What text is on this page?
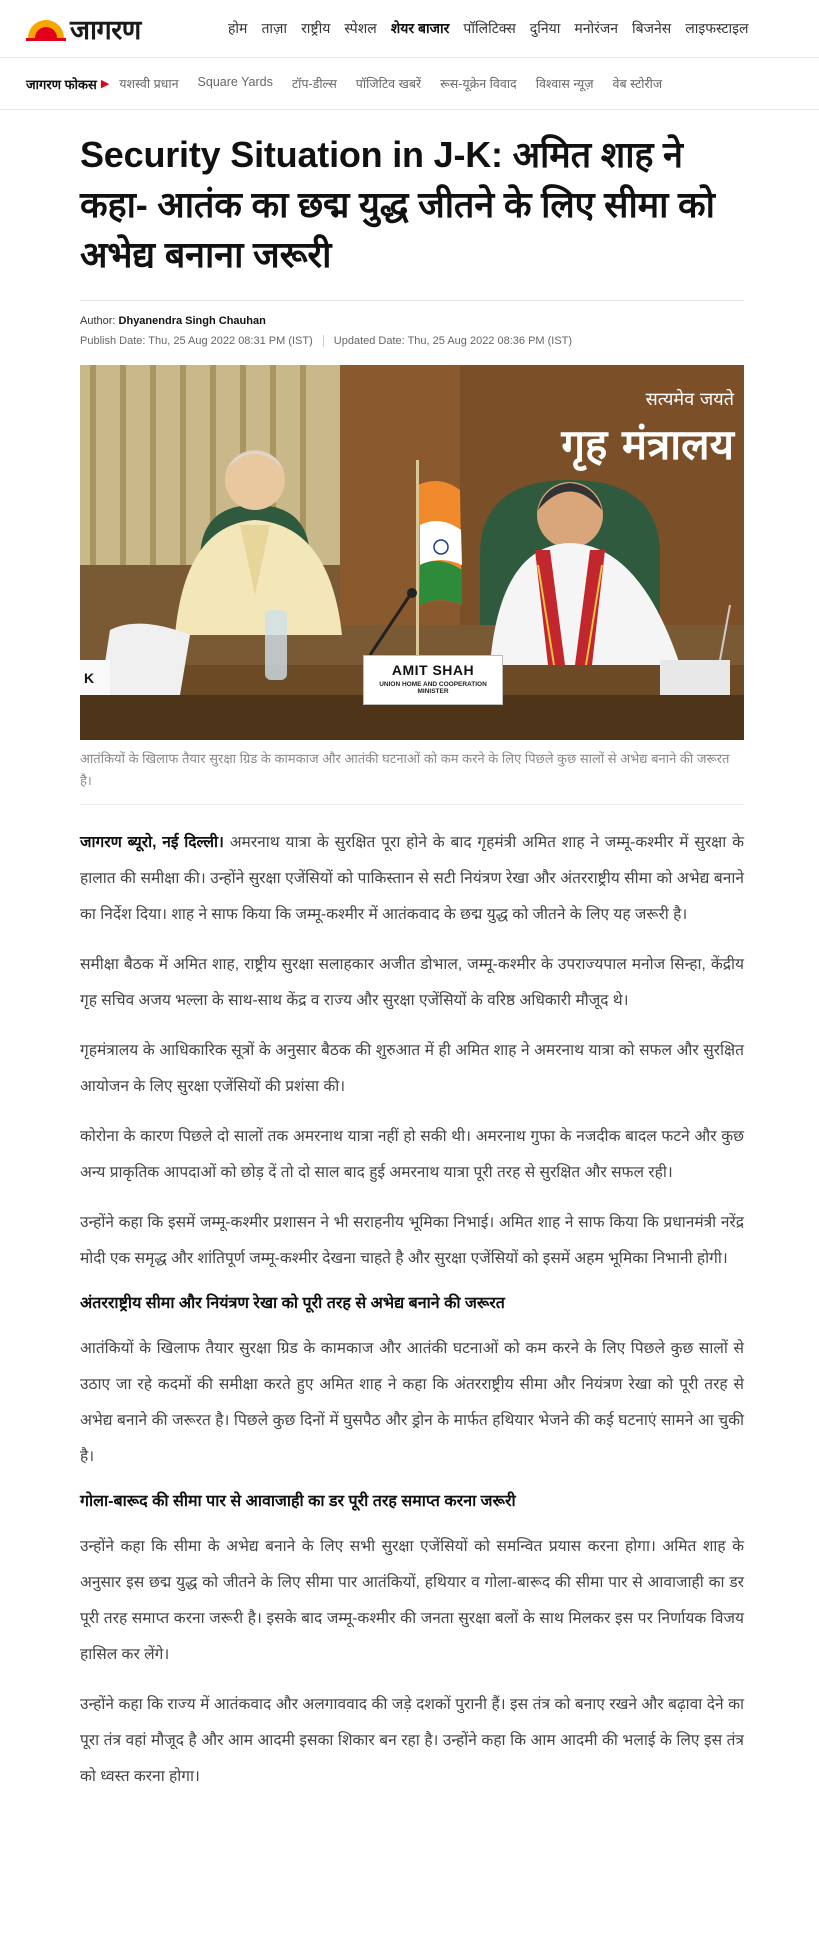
जागरण	होम ताज़ा राष्ट्रीय स्पेशल शेयर बाजार पॉलिटिक्स दुनिया मनोरंजन बिजनेस लाइफस्टाइल
जागरण फोकस ▶ यशस्वी प्रधान Square Yards टॉप-डील्स पॉजिटिव खबरें रूस-यूक्रेन विवाद विश्वास न्यूज़ वेब स्टोरीज
Security Situation in J-K: अमित शाह ने कहा- आतंक का छद्म युद्ध जीतने के लिए सीमा को अभेद्य बनाना जरूरी
Author: Dhyanendra Singh Chauhan
Publish Date: Thu, 25 Aug 2022 08:31 PM (IST) Updated Date: Thu, 25 Aug 2022 08:36 PM (IST)
K
सत्यमेव जयते
गृह मंत्रालय
AMIT SHAH
UNION HOME AND COOPERATION MINISTER
आतंकियों के खिलाफ तैयार सुरक्षा ग्रिड के कामकाज और आतंकी घटनाओं को कम करने के लिए पिछले कुछ सालों से अभेद्य बनाने की जरूरत है।

जागरण ब्यूरो, नई दिल्ली। अमरनाथ यात्रा के सुरक्षित पूरा होने के बाद गृहमंत्री अमित शाह ने जम्मू-कश्मीर में सुरक्षा के हालात की समीक्षा की। उन्होंने सुरक्षा एजेंसियों को पाकिस्तान से सटी नियंत्रण रेखा और अंतरराष्ट्रीय सीमा को अभेद्य बनाने का निर्देश दिया। शाह ने साफ किया कि जम्मू-कश्मीर में आतंकवाद के छद्म युद्ध को जीतने के लिए यह जरूरी है।

समीक्षा बैठक में अमित शाह, राष्ट्रीय सुरक्षा सलाहकार अजीत डोभाल, जम्मू-कश्मीर के उपराज्यपाल मनोज सिन्हा, केंद्रीय गृह सचिव अजय भल्ला के साथ-साथ केंद्र व राज्य और सुरक्षा एजेंसियों के वरिष्ठ अधिकारी मौजूद थे।

गृहमंत्रालय के आधिकारिक सूत्रों के अनुसार बैठक की शुरुआत में ही अमित शाह ने अमरनाथ यात्रा को सफल और सुरक्षित आयोजन के लिए सुरक्षा एजेंसियों की प्रशंसा की।

कोरोना के कारण पिछले दो सालों तक अमरनाथ यात्रा नहीं हो सकी थी। अमरनाथ गुफा के नजदीक बादल फटने और कुछ अन्य प्राकृतिक आपदाओं को छोड़ दें तो दो साल बाद हुई अमरनाथ यात्रा पूरी तरह से सुरक्षित और सफल रही।

उन्होंने कहा कि इसमें जम्मू-कश्मीर प्रशासन ने भी सराहनीय भूमिका निभाई। अमित शाह ने साफ किया कि प्रधानमंत्री नरेंद्र मोदी एक समृद्ध और शांतिपूर्ण जम्मू-कश्मीर देखना चाहते है और सुरक्षा एजेंसियों को इसमें अहम भूमिका निभानी होगी।

अंतरराष्ट्रीय सीमा और नियंत्रण रेखा को पूरी तरह से अभेद्य बनाने की जरूरत

आतंकियों के खिलाफ तैयार सुरक्षा ग्रिड के कामकाज और आतंकी घटनाओं को कम करने के लिए पिछले कुछ सालों से उठाए जा रहे कदमों की समीक्षा करते हुए अमित शाह ने कहा कि अंतरराष्ट्रीय सीमा और नियंत्रण रेखा को पूरी तरह से अभेद्य बनाने की जरूरत है। पिछले कुछ दिनों में घुसपैठ और ड्रोन के मार्फत हथियार भेजने की कई घटनाएं सामने आ चुकी है।

गोला-बारूद की सीमा पार से आवाजाही का डर पूरी तरह समाप्त करना जरूरी

उन्होंने कहा कि सीमा के अभेद्य बनाने के लिए सभी सुरक्षा एजेंसियों को समन्वित प्रयास करना होगा। अमित शाह के अनुसार इस छद्म युद्ध को जीतने के लिए सीमा पार आतंकियों, हथियार व गोला-बारूद की सीमा पार से आवाजाही का डर पूरी तरह समाप्त करना जरूरी है। इसके बाद जम्मू-कश्मीर की जनता सुरक्षा बलों के साथ मिलकर इस पर निर्णायक विजय हासिल कर लेंगे।

उन्होंने कहा कि राज्य में आतंकवाद और अलगाववाद की जड़े दशकों पुरानी हैं। इस तंत्र को बनाए रखने और बढ़ावा देने का पूरा तंत्र वहां मौजूद है और आम आदमी इसका शिकार बन रहा है। उन्होंने कहा कि आम आदमी की भलाई के लिए इस तंत्र को ध्वस्त करना होगा।
